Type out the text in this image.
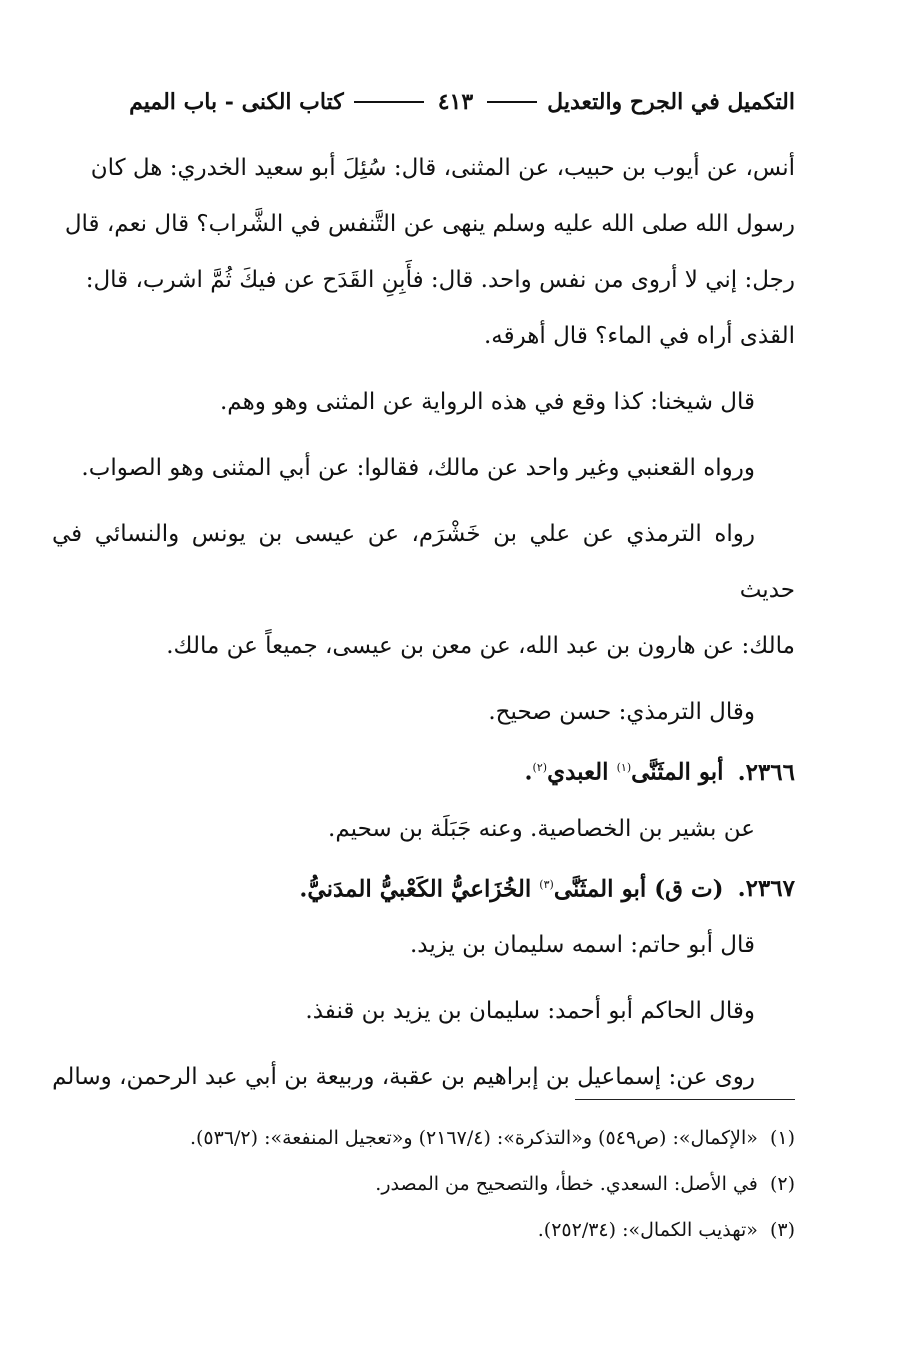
التكميل في الجرح والتعديل
٤١٣
كتاب الكنى - باب الميم

أنس، عن أيوب بن حبيب، عن المثنى، قال: سُئِلَ أبو سعيد الخدري: هل كان

رسول الله صلى الله عليه وسلم ينهى عن التَّنفس في الشَّراب؟ قال نعم، قال

رجل: إني لا أروى من نفس واحد. قال: فأَبِنِ القَدَح عن فيكَ ثُمَّ اشرب، قال:

القذى أراه في الماء؟ قال أهرقه.

قال شيخنا: كذا وقع في هذه الرواية عن المثنى وهو وهم.

ورواه القعنبي وغير واحد عن مالك، فقالوا: عن أبي المثنى وهو الصواب.

رواه الترمذي عن علي بن خَشْرَم، عن عيسى بن يونس والنسائي في حديث

مالك: عن هارون بن عبد الله، عن معن بن عيسى، جميعاً عن مالك.

وقال الترمذي: حسن صحيح.

٢٣٦٦. أبو المثَنَّى$^{(١)}$ العبدي$^{(٢)}$.

عن بشير بن الخصاصية. وعنه جَبَلَة بن سحيم.

٢٣٦٧. (ت ق) أبو المثَنَّى$^{(٣)}$ الخُزَاعيُّ الكَعْبيُّ المدَنيُّ.

قال أبو حاتم: اسمه سليمان بن يزيد.

وقال الحاكم أبو أحمد: سليمان بن يزيد بن قنفذ.

روى عن: إسماعيل بن إبراهيم بن عقبة، وربيعة بن أبي عبد الرحمن، وسالم

(١) «الإكمال»: (ص٥٤٩) و«التذكرة»: (٢١٦٧/٤) و«تعجيل المنفعة»: (٥٣٦/٢).

(٢) في الأصل: السعدي. خطأ، والتصحيح من المصدر.

(٣) «تهذيب الكمال»: (٢٥٢/٣٤).
